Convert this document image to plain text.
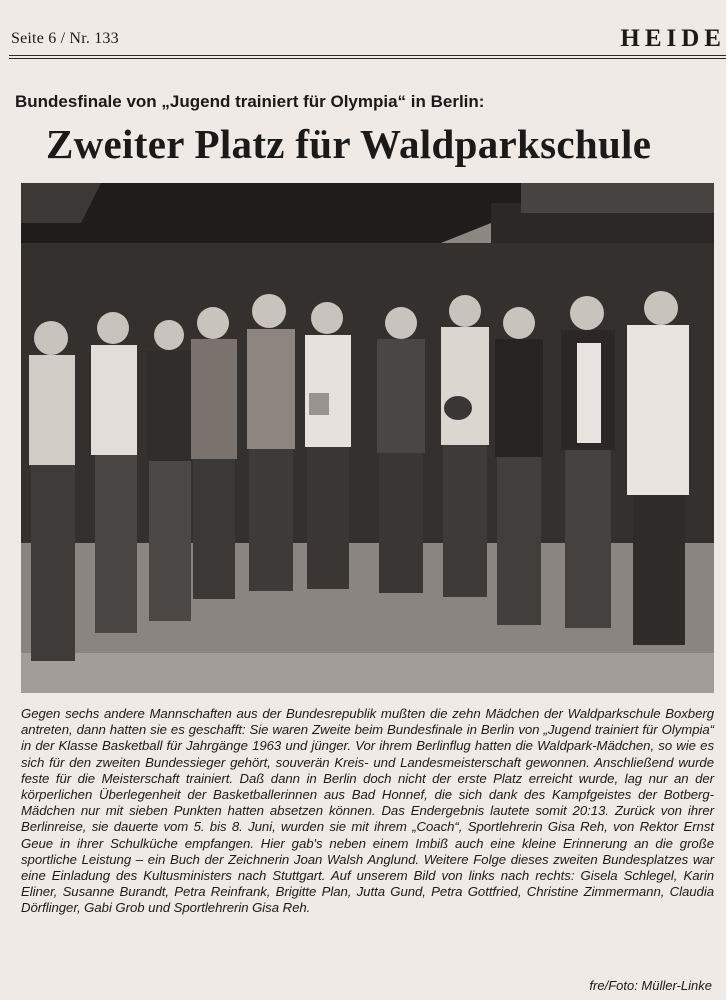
Seite 6 / Nr. 133	HEIDE
Bundesfinale von „Jugend trainiert für Olympia“ in Berlin:
Zweiter Platz für Waldparkschule
Gegen sechs andere Mannschaften aus der Bundesrepublik mußten die zehn Mädchen der Waldparkschule Boxberg antreten, dann hatten sie es geschafft: Sie waren Zweite beim Bundesfinale in Berlin von „Jugend trainiert für Olympia“ in der Klasse Basketball für Jahrgänge 1963 und jünger. Vor ihrem Berlinflug hatten die Waldpark-Mädchen, so wie es sich für den zweiten Bundessieger gehört, souverän Kreis- und Landesmeisterschaft gewonnen. Anschließend wurde feste für die Meisterschaft trainiert. Daß dann in Berlin doch nicht der erste Platz erreicht wurde, lag nur an der körperlichen Überlegenheit der Basketballerinnen aus Bad Honnef, die sich dank des Kampfgeistes der Botberg-Mädchen nur mit sieben Punkten hatten absetzen können. Das Endergebnis lautete somit 20:13. Zurück von ihrer Berlinreise, sie dauerte vom 5. bis 8. Juni, wurden sie mit ihrem „Coach“, Sportlehrerin Gisa Reh, von Rektor Ernst Geue in ihrer Schulküche empfangen. Hier gab's neben einem Imbiß auch eine kleine Erinnerung an die große sportliche Leistung – ein Buch der Zeichnerin Joan Walsh Anglund. Weitere Folge dieses zweiten Bundesplatzes war eine Einladung des Kultusministers nach Stuttgart. Auf unserem Bild von links nach rechts: Gisela Schlegel, Karin Eliner, Susanne Burandt, Petra Reinfrank, Brigitte Plan, Jutta Gund, Petra Gottfried, Christine Zimmermann, Claudia Dörflinger, Gabi Grob und Sportlehrerin Gisa Reh.
fre/Foto: Müller-Linke
